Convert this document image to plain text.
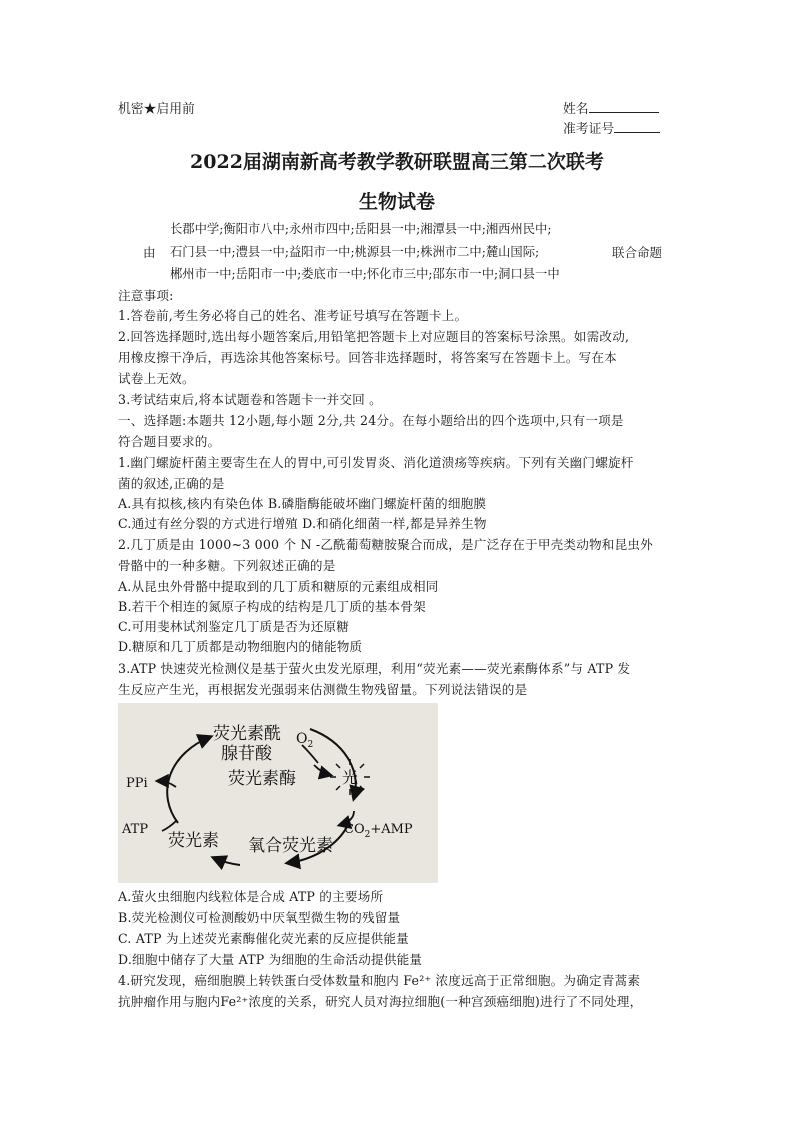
机密★启用前	姓名
准考证号
2022届湖南新高考教学教研联盟高三第二次联考
生物试卷
长郡中学;衡阳市八中;永州市四中;岳阳县一中;湘潭县一中;湘西州民中;
由 石门县一中;澧县一中;益阳市一中;桃源县一中;株洲市二中;麓山国际;	联合命题
郴州市一中;岳阳市一中;娄底市一中;怀化市三中;邵东市一中;洞口县一中
注意事项:
1.答卷前,考生务必将自己的姓名、准考证号填写在答题卡上。
2.回答选择题时,选出每小题答案后,用铅笔把答题卡上对应题目的答案标号涂黑。如需改动,
用橡皮擦干净后，再选涂其他答案标号。回答非选择题时，将答案写在答题卡上。写在本
试卷上无效。
3.考试结束后,将本试题卷和答题卡一并交回 。
一、选择题:本题共 12小题,每小题 2分,共 24分。在每小题给出的四个选项中,只有一项是
符合题目要求的。
1.幽门螺旋杆菌主要寄生在人的胃中,可引发胃炎、消化道溃疡等疾病。下列有关幽门螺旋杆
菌的叙述,正确的是
A.具有拟核,核内有染色体 B.磷脂酶能破坏幽门螺旋杆菌的细胞膜
C.通过有丝分裂的方式进行增殖 D.和硝化细菌一样,都是异养生物
2.几丁质是由 1000~3 000 个 N -乙酰葡萄糖胺聚合而成，是广泛存在于甲壳类动物和昆虫外
骨骼中的一种多糖。下列叙述正确的是
A.从昆虫外骨骼中提取到的几丁质和糖原的元素组成相同
B.若干个相连的氮原子构成的结构是几丁质的基本骨架
C.可用斐林试剂鉴定几丁质是否为还原糖
D.糖原和几丁质都是动物细胞内的储能物质
3.ATP 快速荧光检测仪是基于萤火虫发光原理，利用“荧光素——荧光素酶体系”与 ATP 发
生反应产生光，再根据发光强弱来估测微生物残留量。下列说法错误的是
荧光素酰
腺苷酸
$O_2$
荧光素酶	光
PPi
ATP
荧光素 氧合荧光素
$CO_2+AMP$
A.萤火虫细胞内线粒体是合成 ATP 的主要场所
B.荧光检测仪可检测酸奶中厌氧型微生物的残留量
C. ATP 为上述荧光素酶催化荧光素的反应提供能量
D.细胞中储存了大量 ATP 为细胞的生命活动提供能量
4.研究发现，癌细胞膜上转铁蛋白受体数量和胞内 Fe²⁺ 浓度远高于正常细胞。为确定青蒿素
抗肿瘤作用与胞内Fe²⁺浓度的关系，研究人员对海拉细胞(一种宫颈癌细胞)进行了不同处理，
